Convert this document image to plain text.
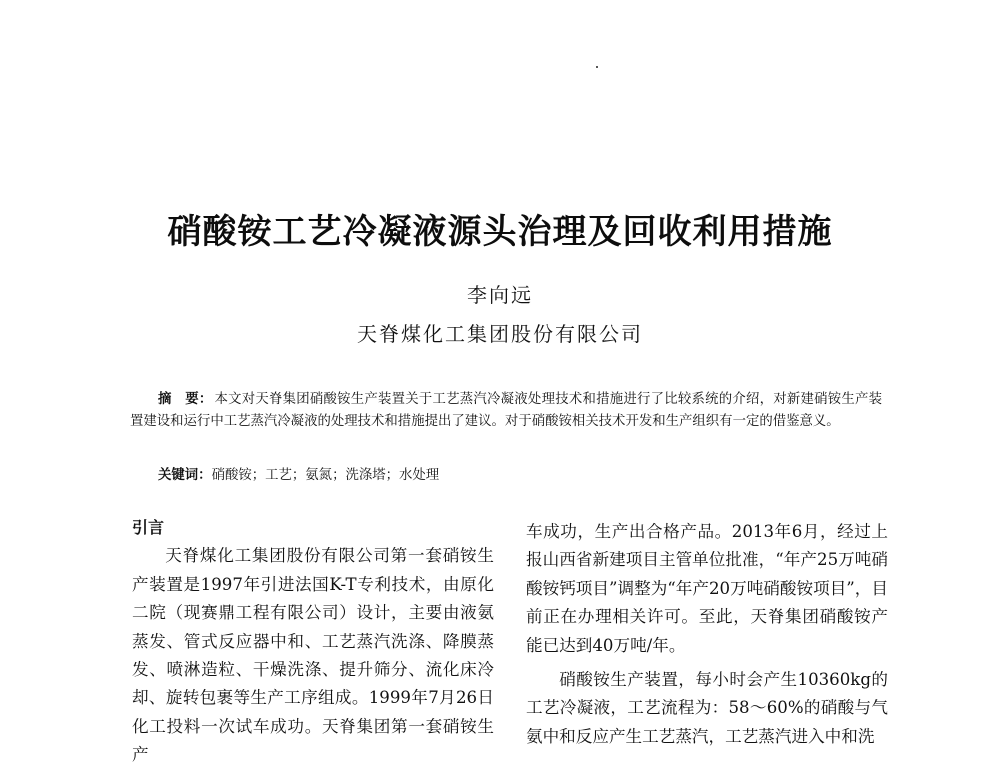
硝酸铵工艺冷凝液源头治理及回收利用措施
李向远
天脊煤化工集团股份有限公司
摘　要： 本文对天脊集团硝酸铵生产装置关于工艺蒸汽冷凝液处理技术和措施进行了比较系统的介绍，对新建硝铵生产装置建设和运行中工艺蒸汽冷凝液的处理技术和措施提出了建议。对于硝酸铵相关技术开发和生产组织有一定的借鉴意义。
关键词：硝酸铵；工艺；氨氮；洗涤塔；水处理

引言

天脊煤化工集团股份有限公司第一套硝铵生产装置是1997年引进法国K-T专利技术，由原化二院（现赛鼎工程有限公司）设计，主要由液氨蒸发、管式反应器中和、工艺蒸汽洗涤、降膜蒸发、喷淋造粒、干燥洗涤、提升筛分、流化床冷却、旋转包裹等生产工序组成。1999年7月26日化工投料一次试车成功。天脊集团第一套硝铵生产

车成功，生产出合格产品。2013年6月，经过上报山西省新建项目主管单位批准，“年产25万吨硝酸铵钙项目”调整为“年产20万吨硝酸铵项目”，目前正在办理相关许可。至此，天脊集团硝酸铵产能已达到40万吨/年。

硝酸铵生产装置，每小时会产生10360kg的工艺冷凝液，工艺流程为：58～60%的硝酸与气氨中和反应产生工艺蒸汽，工艺蒸汽进入中和洗
